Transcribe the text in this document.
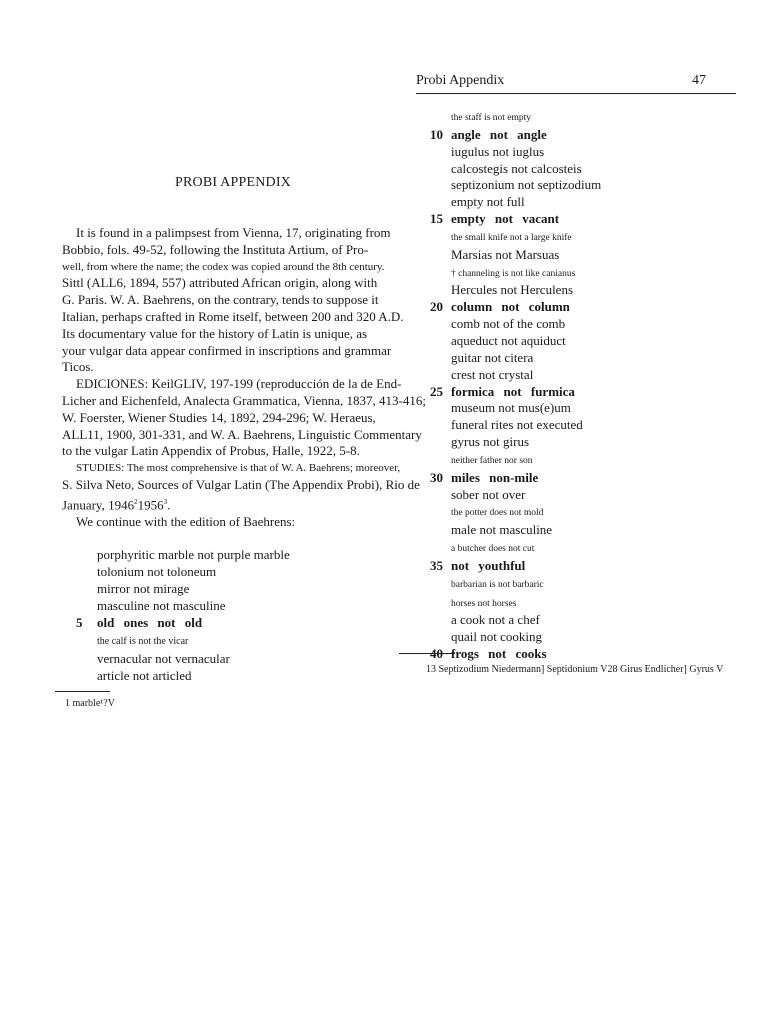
Probi Appendix	47
PROBI APPENDIX
It is found in a palimpsest from Vienna, 17, originating from
Bobbio, fols. 49-52, following the Instituta Artium, of Pro-
well, from where the name; the codex was copied around the 8th century.
Sittl (ALL6, 1894, 557) attributed African origin, along with
G. Paris. W. A. Baehrens, on the contrary, tends to suppose it
Italian, perhaps crafted in Rome itself, between 200 and 320 A.D.
Its documentary value for the history of Latin is unique, as
your vulgar data appear confirmed in inscriptions and grammar
Ticos.
EDICIONES: KeilGLIV, 197-199 (reproducción de la de End-
Licher and Eichenfeld, Analecta Grammatica, Vienna, 1837, 413-416;
W. Foerster, Wiener Studies 14, 1892, 294-296; W. Heraeus,
ALL11, 1900, 301-331, and W. A. Baehrens, Linguistic Commentary
to the vulgar Latin Appendix of Probus, Halle, 1922, 5-8.
STUDIES: The most comprehensive is that of W. A. Baehrens; moreover,
S. Silva Neto, Sources of Vulgar Latin (The Appendix Probi), Rio de
January, 1946$^2$1956$^3$.
We continue with the edition of Baehrens:
porphyritic marble not purple marble
tolonium not toloneum
mirror not mirage
masculine not masculine
5 old ones not old
the calf is not the vicar
vernacular not vernacular
article not articled
1 marble¹?V
the staff is not empty
10 angle not angle
iugulus not iuglus
calcostegis not calcosteis
septizonium not septizodium
empty not full
15 empty not vacant
the small knife not a large knife
Marsias not Marsuas
† channeling is not like canianus
Hercules not Herculens
20 column not column
comb not of the comb
aqueduct not aquiduct
guitar not citera
crest not crystal
25 formica not furmica
museum not mus(e)um
funeral rites not executed
gyrus not girus
neither father nor son
30 miles non-mile
sober not over
the potter does not mold
male not masculine
a butcher does not cut
35 not youthful
barbarian is not barbaric
horses not horses
a cook not a chef
quail not cooking
40 frogs not cooks
13 Septizodium Niedermann] Septidonium V28 Girus Endlicher] Gyrus V
